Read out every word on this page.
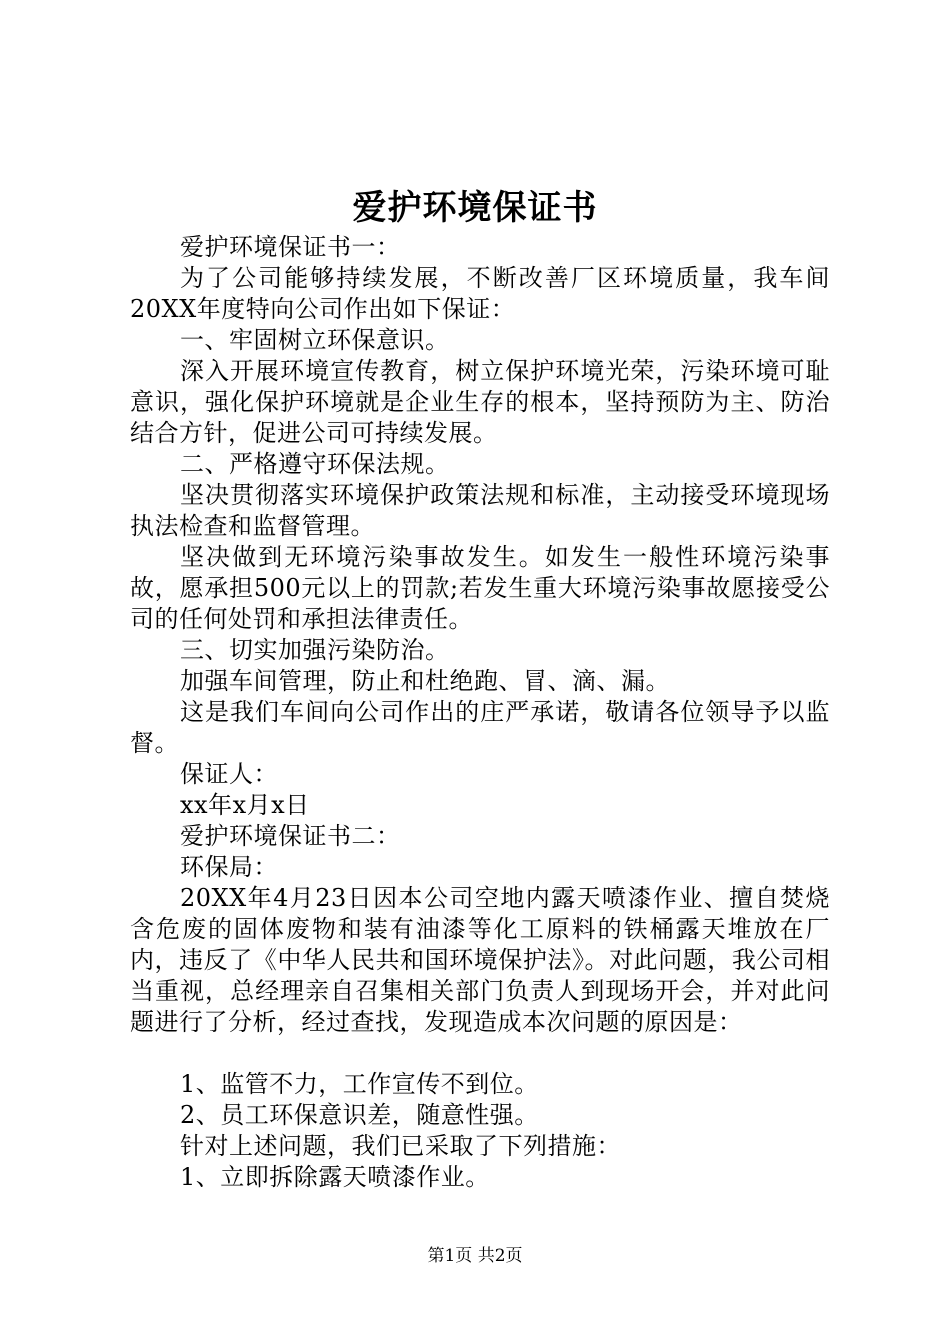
爱护环境保证书

爱护环境保证书一：

为了公司能够持续发展，不断改善厂区环境质量，我车间20XX年度特向公司作出如下保证：

一、牢固树立环保意识。

深入开展环境宣传教育，树立保护环境光荣，污染环境可耻意识，强化保护环境就是企业生存的根本，坚持预防为主、防治结合方针，促进公司可持续发展。

二、严格遵守环保法规。

坚决贯彻落实环境保护政策法规和标准，主动接受环境现场执法检查和监督管理。

坚决做到无环境污染事故发生。如发生一般性环境污染事故，愿承担500元以上的罚款;若发生重大环境污染事故愿接受公司的任何处罚和承担法律责任。

三、切实加强污染防治。

加强车间管理，防止和杜绝跑、冒、滴、漏。

这是我们车间向公司作出的庄严承诺，敬请各位领导予以监督。

保证人：

xx年x月x日

爱护环境保证书二：

环保局：

20XX年4月23日因本公司空地内露天喷漆作业、擅自焚烧含危废的固体废物和装有油漆等化工原料的铁桶露天堆放在厂内，违反了《中华人民共和国环境保护法》。对此问题，我公司相当重视，总经理亲自召集相关部门负责人到现场开会，并对此问题进行了分析，经过查找，发现造成本次问题的原因是：

1、监管不力，工作宣传不到位。

2、员工环保意识差，随意性强。

针对上述问题，我们已采取了下列措施：

1、立即拆除露天喷漆作业。

第1页 共2页
